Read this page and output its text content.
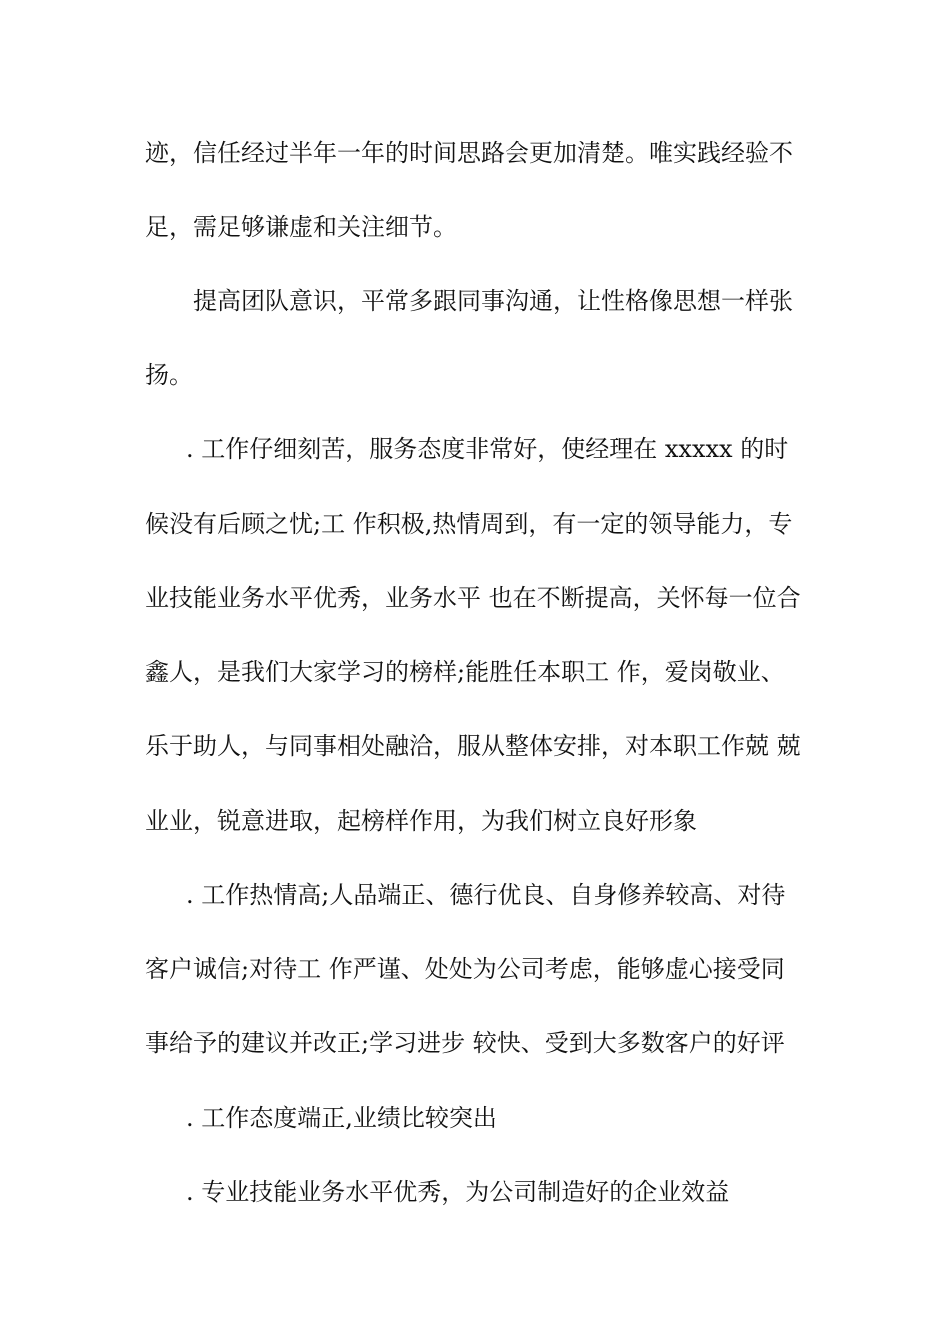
迹，信任经过半年一年的时间思路会更加清楚。唯实践经验不
足，需足够谦虚和关注细节。
提高团队意识，平常多跟同事沟通，让性格像思想一样张
扬。
. 工作仔细刻苦，服务态度非常好，使经理在 xxxxx 的时
候没有后顾之忧;工 作积极,热情周到，有一定的领导能力，专
业技能业务水平优秀，业务水平 也在不断提高，关怀每一位合
鑫人，是我们大家学习的榜样;能胜任本职工 作，爱岗敬业、
乐于助人，与同事相处融洽，服从整体安排，对本职工作兢 兢
业业，锐意进取，起榜样作用，为我们树立良好形象
. 工作热情高;人品端正、德行优良、自身修养较高、对待
客户诚信;对待工 作严谨、处处为公司考虑，能够虚心接受同
事给予的建议并改正;学习进步 较快、受到大多数客户的好评
. 工作态度端正,业绩比较突出
. 专业技能业务水平优秀，为公司制造好的企业效益
